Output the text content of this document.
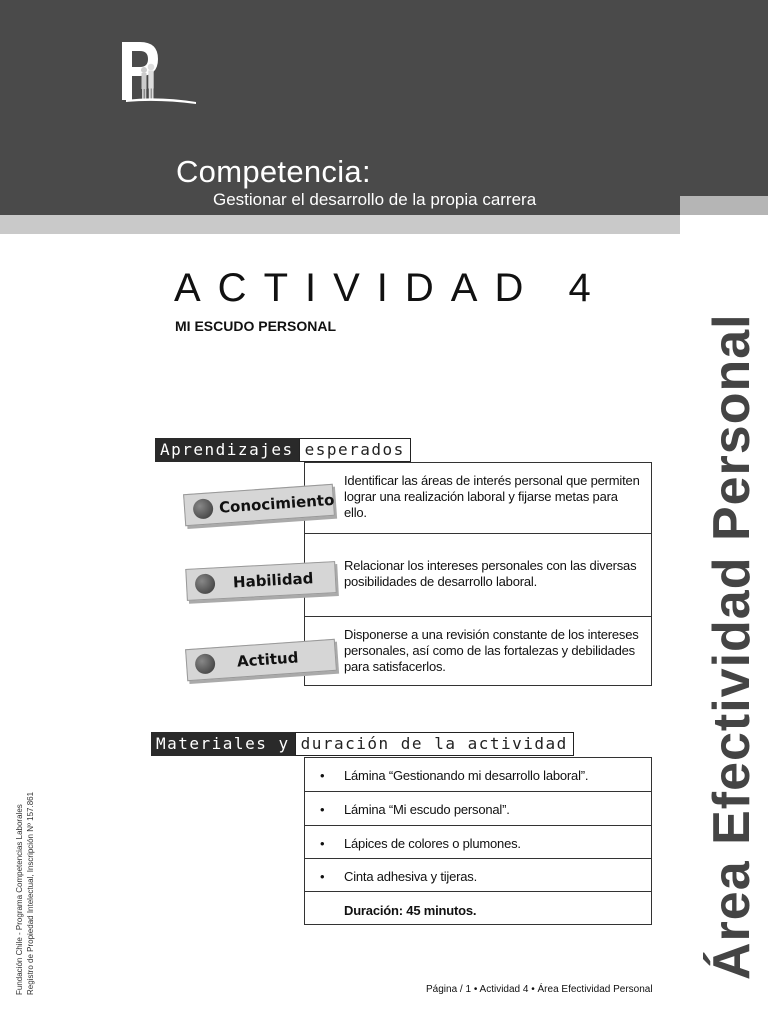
Competencia:
Gestionar el desarrollo de la propia carrera
ACTIVIDAD 4
MI ESCUDO PERSONAL	Área Efectividad Personal
Aprendizajes esperados
Identificar las áreas de interés personal que permiten lograr una realización laboral y fijarse metas para ello.
Relacionar los intereses personales con las diversas posibilidades de desarrollo laboral.
Disponerse a una revisión constante de los intereses personales, así como de las fortalezas y debilidades para satisfacerlos.
Conocimiento
Habilidad
Actitud
Materiales y duración de la actividad
• Lámina “Gestionando mi desarrollo laboral”.
• Lámina “Mi escudo personal”.
• Lápices de colores o plumones.
• Cinta adhesiva y tijeras.
Duración: 45 minutos.
Página / 1 • Actividad 4 • Área Efectividad Personal
Fundación Chile - Programa Competencias Laborales Registro de Propiedad Intelectual, Inscripción Nº 157.861
